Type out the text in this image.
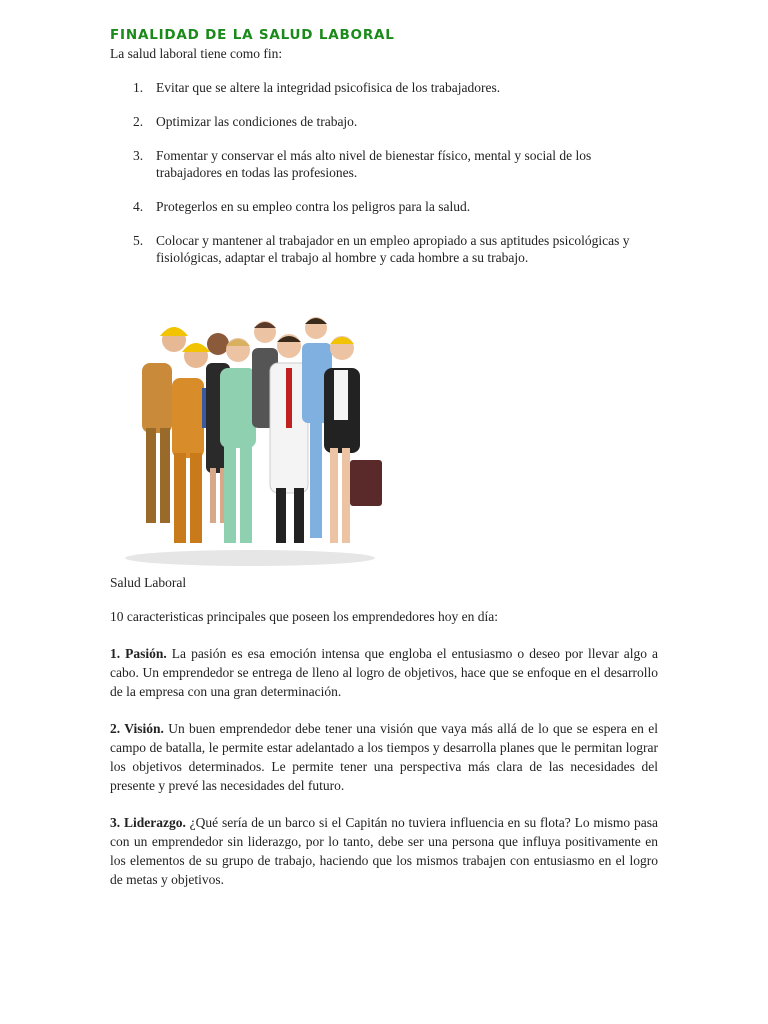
FINALIDAD DE LA SALUD LABORAL
La salud laboral tiene como fin:
1. Evitar que se altere la integridad psicofisica de los trabajadores.
2. Optimizar las condiciones de trabajo.
3. Fomentar y conservar el más alto nivel de bienestar físico, mental y social de los trabajadores en todas las profesiones.
4. Protegerlos en su empleo contra los peligros para la salud.
5. Colocar y mantener al trabajador en un empleo apropiado a sus aptitudes psicológicas y fisiológicas, adaptar el trabajo al hombre y cada hombre a su trabajo.
Salud Laboral
10 caracteristicas principales que poseen los emprendedores hoy en día:
1. Pasión. La pasión es esa emoción intensa que engloba el entusiasmo o deseo por llevar algo a cabo. Un emprendedor se entrega de lleno al logro de objetivos, hace que se enfoque en el desarrollo de la empresa con una gran determinación.
2. Visión. Un buen emprendedor debe tener una visión que vaya más allá de lo que se espera en el campo de batalla, le permite estar adelantado a los tiempos y desarrolla planes que le permitan lograr los objetivos determinados. Le permite tener una perspectiva más clara de las necesidades del presente y prevé las necesidades del futuro.
3. Liderazgo. ¿Qué sería de un barco si el Capitán no tuviera influencia en su flota? Lo mismo pasa con un emprendedor sin liderazgo, por lo tanto, debe ser una persona que influya positivamente en los elementos de su grupo de trabajo, haciendo que los mismos trabajen con entusiasmo en el logro de metas y objetivos.
